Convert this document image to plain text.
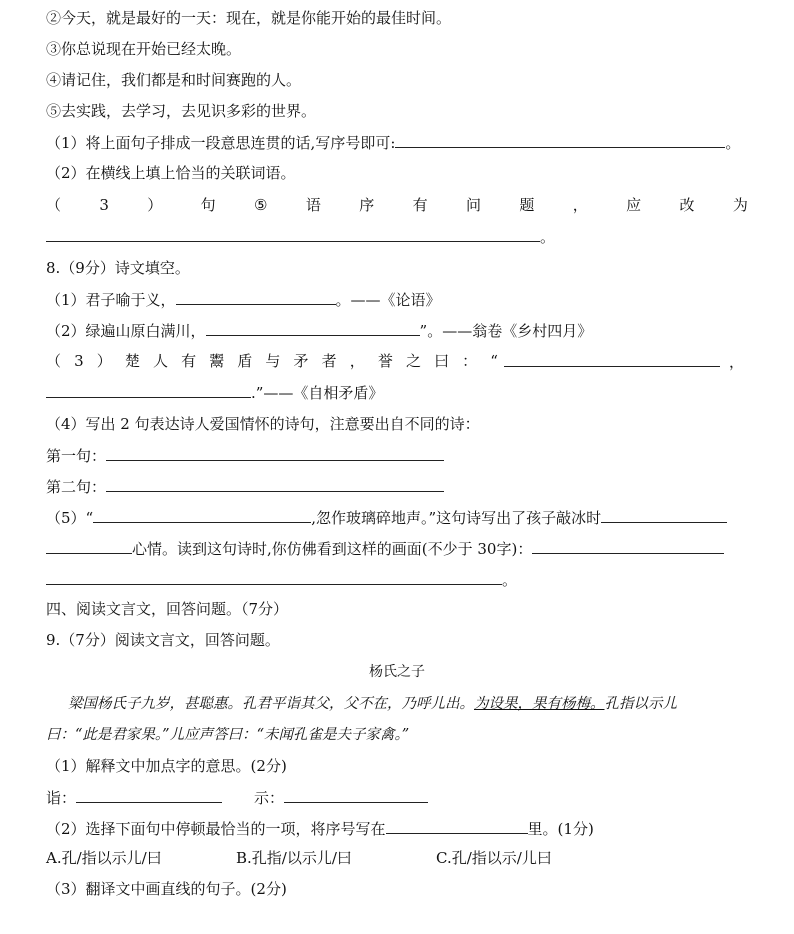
②今天，就是最好的一天：现在，就是你能开始的最佳时间。
③你总说现在开始已经太晚。
④请记住，我们都是和时间赛跑的人。
⑤去实践，去学习，去见识多彩的世界。
（1）将上面句子排成一段意思连贯的话,写序号即可:	。
（2）在横线上填上恰当的关联词语。
（	3	）	句	⑤	语	序	有	问	题	，	应	改	为
。
8.（9分）诗文填空。
（1）君子喻于义，	。——《论语》
（2）绿遍山原白满川，	”。——翁卷《乡村四月》
（ 3 ） 楚 人 有 鬻 盾 与 矛 者 ， 誉 之 曰 ： “	，
.”——《自相矛盾》
（4）写出 2 句表达诗人爱国情怀的诗句，注意要出自不同的诗：
第一句：
第二句：
（5）“	,忽作玻璃碎地声。”这句诗写出了孩子敲冰时
心情。读到这句诗时,你仿佛看到这样的画面(不少于 30字)：
。
四、阅读文言文，回答问题。（7分）
9.（7分）阅读文言文，回答问题。
杨氏之子
梁国杨氏子九岁，甚聪惠。孔君平诣其父，父不在，乃呼儿出。为设果，果有杨梅。孔指以示儿
曰：“此是君家果。”儿应声答曰：“未闻孔雀是夫子家禽。”
（1）解释文中加点字的意思。(2分)
诣：	示：
（2）选择下面句中停顿最恰当的一项，将序号写在	里。(1分)
A.孔/指以示儿/曰	B.孔指/以示儿/曰	C.孔/指以示/儿曰
（3）翻译文中画直线的句子。(2分)
